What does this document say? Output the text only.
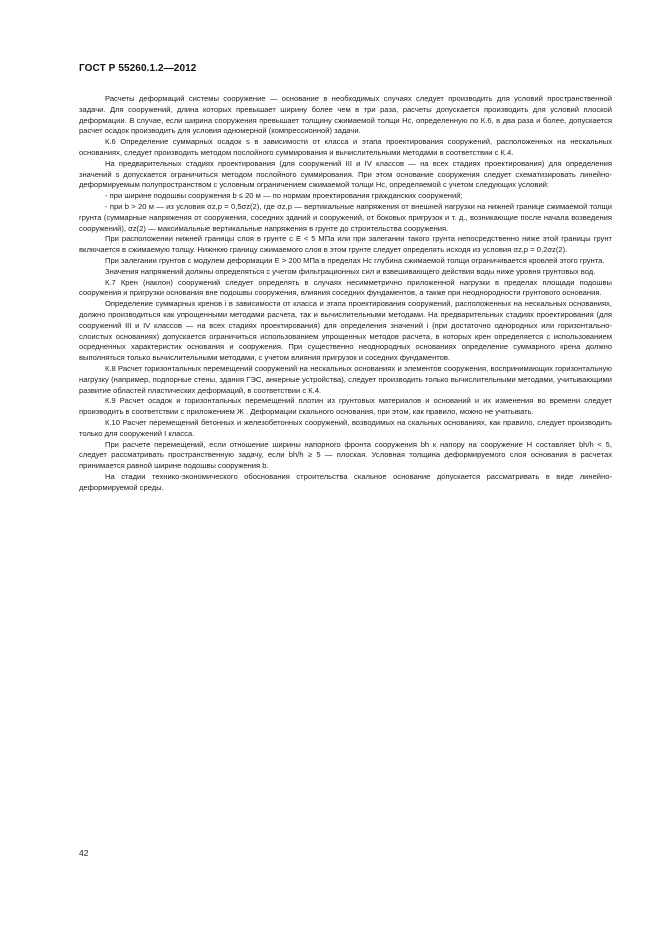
ГОСТ Р 55260.1.2—2012

Расчеты деформаций системы сооружение — основание в необходимых случаях следует производить для условий пространственной задачи. Для сооружений, длина которых превышает ширину более чем в три раза, расчеты допускается производить для условий плоской деформации. В случае, если ширина сооружения превышает толщину сжимаемой толщи Hc, определенную по К.6, в два раза и более, допускается расчет осадок производить для условия одномерной (компрессионной) задачи.

К.6 Определение суммарных осадок s в зависимости от класса и этапа проектирования сооружений, расположенных на нескальных основаниях, следует производить методом послойного суммирования и вычислительными методами в соответствии с К.4.

На предварительных стадиях проектирования (для сооружений III и IV классов — на всех стадиях проектирования) для определения значений s допускается ограничиться методом послойного суммирования. При этом основание сооружения следует схематизировать линейно-деформируемым полупространством с условным ограничением сжимаемой толщи Hc, определяемой с учетом следующих условий:

- при ширине подошвы сооружения b ≤ 20 м — по нормам проектирования гражданских сооружений;

- при b > 20 м — из условия σz,p = 0,5σz(2), где σz,p — вертикальные напряжения от внешней нагрузки на нижней границе сжимаемой толщи грунта (суммарные напряжения от сооружения, соседних зданий и сооружений, от боковых пригрузок и т. д., возникающие после начала возведения сооружений), σz(2) — максимальные вертикальные напряжения в грунте до строительства сооружения.

При расположении нижней границы слоя в грунте с E < 5 МПа или при залегании такого грунта непосредственно ниже этой границы грунт включается в сжимаемую толщу. Нижнюю границу сжимаемого слоя в этом грунте следует определять исходя из условия σz,p = 0,2σz(2).

При залегании грунтов с модулем деформации E > 200 МПа в пределах Hc глубина сжимаемой толщи ограничивается кровлей этого грунта.

Значения напряжений должны определяться с учетом фильтрационных сил и взвешивающего действия воды ниже уровня грунтовых вод.

К.7 Крен (наклон) сооружений следует определять в случаях несимметрично приложенной нагрузки в пределах площади подошвы сооружения и пригрузки основания вне подошвы сооружения, влияния соседних фундаментов, а также при неоднородности грунтового основания.

Определение суммарных кренов i в зависимости от класса и этапа проектирования сооружений, расположенных на нескальных основаниях, должно производиться как упрощенными методами расчета, так и вычислительными методами. На предварительных стадиях проектирования (для сооружений III и IV классов — на всех стадиях проектирования) для определения значений i (при достаточно однородных или горизонтально-слоистых основаниях) допускается ограничиться использованием упрощенных методов расчета, в которых крен определяется с использованием осредненных характеристик основания и сооружения. При существенно неоднородных основаниях определение суммарного крена должно выполняться только вычислительными методами, с учетом влияния пригрузок и соседних фундаментов.

К.8 Расчет горизонтальных перемещений сооружений на нескальных основаниях и элементов сооружения, воспринимающих горизонтальную нагрузку (например, подпорные стены, здания ГЭС, анкерные устройства), следует производить только вычислительными методами, учитывающими развитие областей пластических деформаций, в соответствии с К.4.

К.9 Расчет осадок и горизонтальных перемещений плотин из грунтовых материалов и оснований и их изменения во времени следует производить в соответствии с приложением Ж . Деформации скального основания, при этом, как правило, можно не учитывать.

К.10 Расчет перемещений бетонных и железобетонных сооружений, возводимых на скальных основаниях, как правило, следует производить только для сооружений I класса.

При расчете перемещений, если отношение ширины напорного фронта сооружения bh к напору на сооружение H составляет bh/h < 5, следует рассматривать пространственную задачу, если bh/h ≥ 5 — плоская. Условная толщина деформируемого слоя основания в расчетах принимается равной ширине подошвы сооружения b.

На стадии технико-экономического обоснования строительства скальное основание допускается рассматривать в виде линейно-деформируемой среды.

42
